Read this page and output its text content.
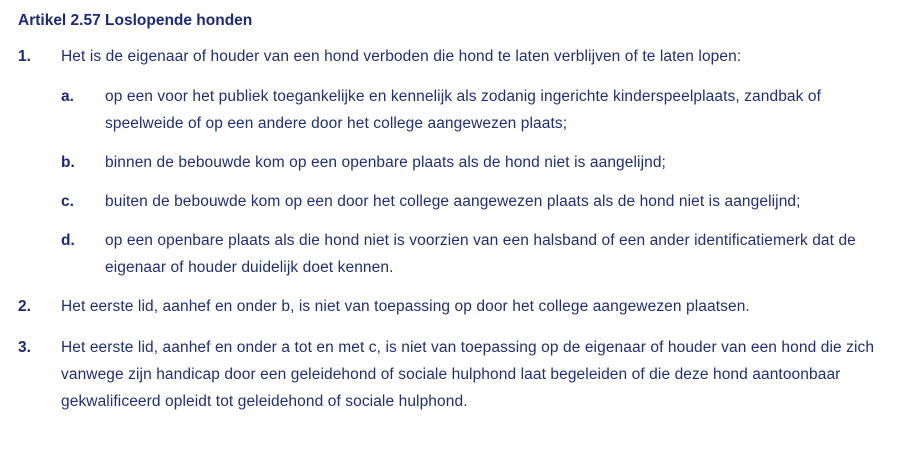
Artikel 2.57 Loslopende honden
1.	Het is de eigenaar of houder van een hond verboden die hond te laten verblijven of te laten lopen:
a.	op een voor het publiek toegankelijke en kennelijk als zodanig ingerichte kinderspeelplaats, zandbak of speelweide of op een andere door het college aangewezen plaats;
b.	binnen de bebouwde kom op een openbare plaats als de hond niet is aangelijnd;
c.	buiten de bebouwde kom op een door het college aangewezen plaats als de hond niet is aangelijnd;
d.	op een openbare plaats als die hond niet is voorzien van een halsband of een ander identificatiemerk dat de eigenaar of houder duidelijk doet kennen.
2.	Het eerste lid, aanhef en onder b, is niet van toepassing op door het college aangewezen plaatsen.
3.	Het eerste lid, aanhef en onder a tot en met c, is niet van toepassing op de eigenaar of houder van een hond die zich vanwege zijn handicap door een geleidehond of sociale hulphond laat begeleiden of die deze hond aantoonbaar gekwalificeerd opleidt tot geleidehond of sociale hulphond.
